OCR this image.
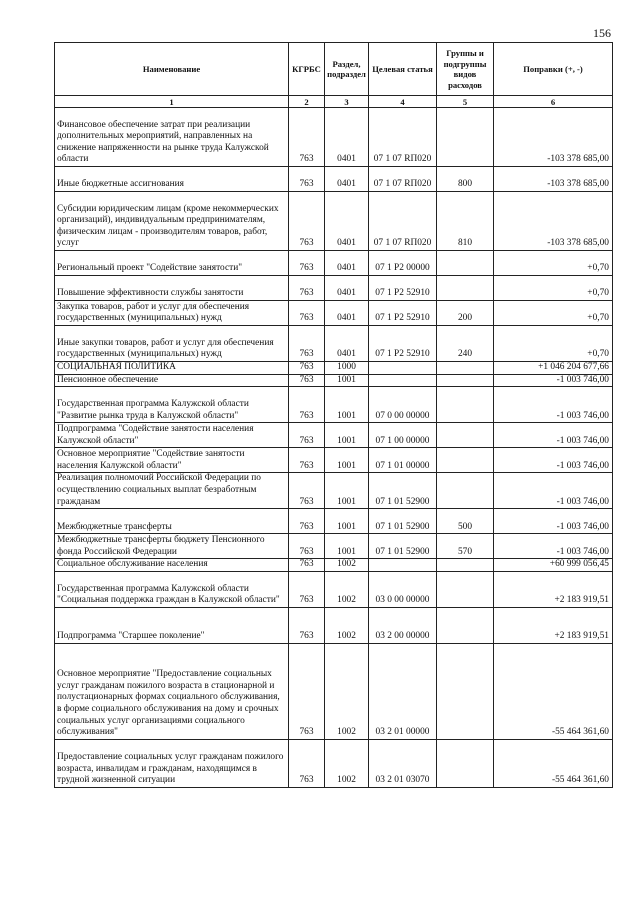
156
Наименование	КГРБС	Раздел, подраздел	Целевая статья	Группы и подгруппы видов расходов	Поправки (+, -)
1	2	3	4	5	6
Финансовое обеспечение затрат при реализации дополнительных мероприятий, направленных на снижение напряженности на рынке труда Калужской области	763	0401	07 1 07 RП020		-103 378 685,00
Иные бюджетные ассигнования	763	0401	07 1 07 RП020	800	-103 378 685,00
Субсидии юридическим лицам (кроме некоммерческих организаций), индивидуальным предпринимателям, физическим лицам - производителям товаров, работ, услуг	763	0401	07 1 07 RП020	810	-103 378 685,00
Региональный проект "Содействие занятости"	763	0401	07 1 P2 00000		+0,70
Повышение эффективности службы занятости	763	0401	07 1 P2 52910		+0,70
Закупка товаров, работ и услуг для обеспечения государственных (муниципальных) нужд	763	0401	07 1 P2 52910	200	+0,70
Иные закупки товаров, работ и услуг для обеспечения государственных (муниципальных) нужд	763	0401	07 1 P2 52910	240	+0,70
СОЦИАЛЬНАЯ ПОЛИТИКА	763	1000			+1 046 204 677,66
Пенсионное обеспечение	763	1001			-1 003 746,00
Государственная программа Калужской области "Развитие рынка труда в Калужской области"	763	1001	07 0 00 00000		-1 003 746,00
Подпрограмма "Содействие занятости населения Калужской области"	763	1001	07 1 00 00000		-1 003 746,00
Основное мероприятие "Содействие занятости населения Калужской области"	763	1001	07 1 01 00000		-1 003 746,00
Реализация полномочий Российской Федерации по осуществлению социальных выплат безработным гражданам	763	1001	07 1 01 52900		-1 003 746,00
Межбюджетные трансферты	763	1001	07 1 01 52900	500	-1 003 746,00
Межбюджетные трансферты бюджету Пенсионного фонда Российской Федерации	763	1001	07 1 01 52900	570	-1 003 746,00
Социальное обслуживание населения	763	1002			+60 999 056,45
Государственная программа Калужской области "Социальная поддержка граждан в Калужской области"	763	1002	03 0 00 00000		+2 183 919,51
Подпрограмма "Старшее поколение"	763	1002	03 2 00 00000		+2 183 919,51
Основное мероприятие "Предоставление социальных услуг гражданам пожилого возраста в стационарной и полустационарных формах социального обслуживания, в форме социального обслуживания на дому и срочных социальных услуг организациями социального обслуживания"	763	1002	03 2 01 00000		-55 464 361,60
Предоставление социальных услуг гражданам пожилого возраста, инвалидам и гражданам, находящимся в трудной жизненной ситуации	763	1002	03 2 01 03070		-55 464 361,60
